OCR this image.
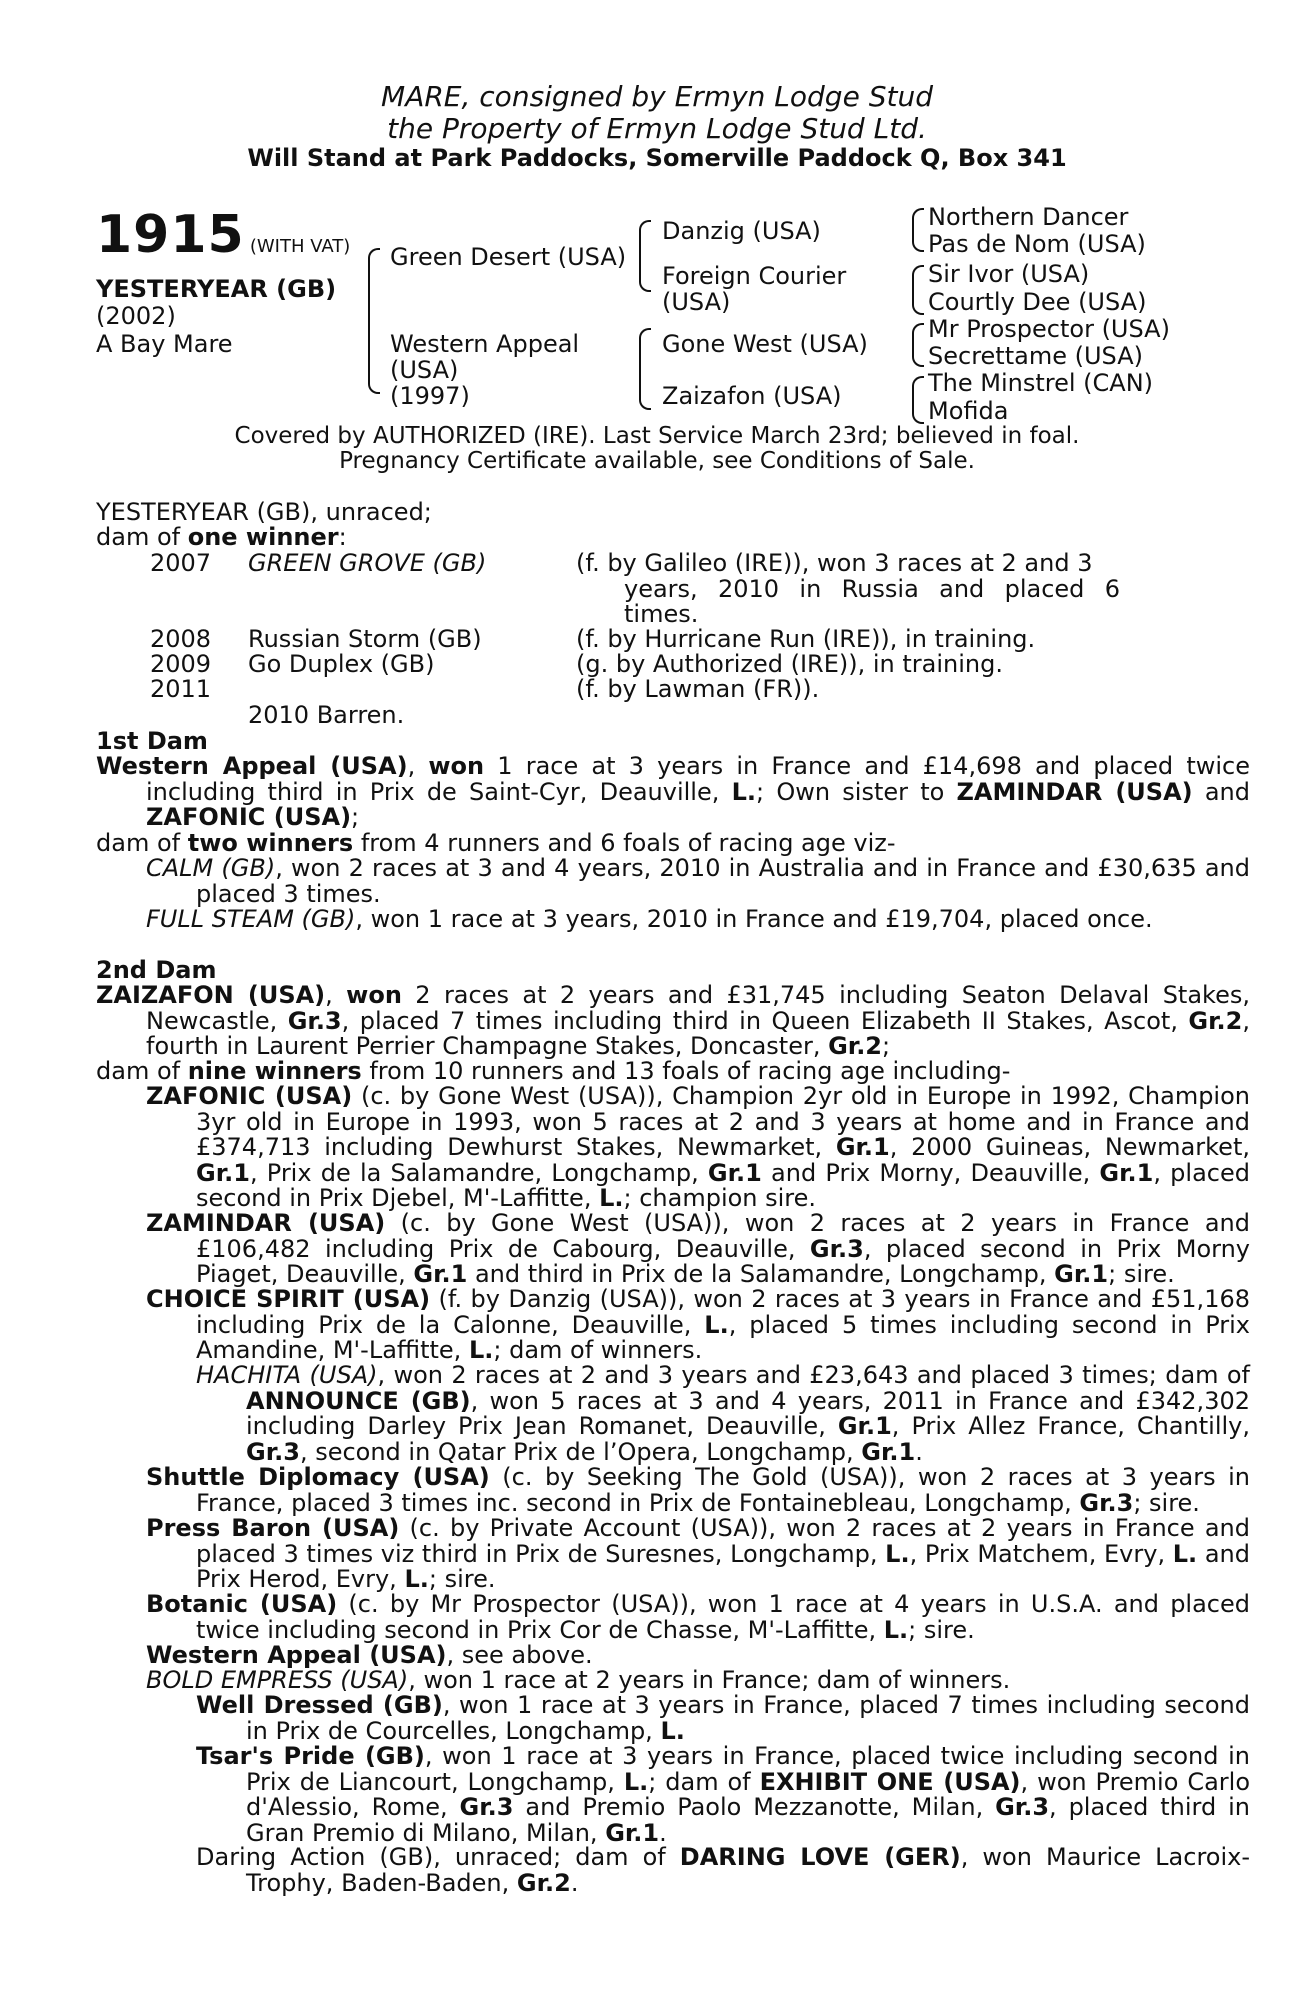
MARE, consigned by Ermyn Lodge Stud
the Property of Ermyn Lodge Stud Ltd.
Will Stand at Park Paddocks, Somerville Paddock Q, Box 341
1915 (WITH VAT)
YESTERYEAR (GB)
(2002)
A Bay Mare
Green Desert (USA)
Western Appeal
(USA)
(1997)
Danzig (USA)
Foreign Courier
(USA)
Gone West (USA)
Zaizafon (USA)
Northern Dancer
Pas de Nom (USA)
Sir Ivor (USA)
Courtly Dee (USA)
Mr Prospector (USA)
Secrettame (USA)
The Minstrel (CAN)
Mofida
Covered by AUTHORIZED (IRE). Last Service March 23rd; believed in foal.
Pregnancy Certificate available, see Conditions of Sale.
YESTERYEAR (GB), unraced;
dam of one winner:
2007 GREEN GROVE (GB)	(f. by Galileo (IRE)), won 3 races at 2 and 3
years, 2010 in Russia and placed 6
times.
2008 Russian Storm (GB)	(f. by Hurricane Run (IRE)), in training.
2009 Go Duplex (GB)	(g. by Authorized (IRE)), in training.
2011	(f. by Lawman (FR)).
2010 Barren.
1st Dam
Western Appeal (USA), won 1 race at 3 years in France and £14,698 and placed twice including third in Prix de Saint-Cyr, Deauville, L.; Own sister to ZAMINDAR (USA) and ZAFONIC (USA);
dam of two winners from 4 runners and 6 foals of racing age viz-
CALM (GB), won 2 races at 3 and 4 years, 2010 in Australia and in France and £30,635 and placed 3 times.
FULL STEAM (GB), won 1 race at 3 years, 2010 in France and £19,704, placed once.
2nd Dam
ZAIZAFON (USA), won 2 races at 2 years and £31,745 including Seaton Delaval Stakes, Newcastle, Gr.3, placed 7 times including third in Queen Elizabeth II Stakes, Ascot, Gr.2, fourth in Laurent Perrier Champagne Stakes, Doncaster, Gr.2;
dam of nine winners from 10 runners and 13 foals of racing age including-
ZAFONIC (USA) (c. by Gone West (USA)), Champion 2yr old in Europe in 1992, Champion 3yr old in Europe in 1993, won 5 races at 2 and 3 years at home and in France and £374,713 including Dewhurst Stakes, Newmarket, Gr.1, 2000 Guineas, Newmarket, Gr.1, Prix de la Salamandre, Longchamp, Gr.1 and Prix Morny, Deauville, Gr.1, placed second in Prix Djebel, M'-Laffitte, L.; champion sire.
ZAMINDAR (USA) (c. by Gone West (USA)), won 2 races at 2 years in France and £106,482 including Prix de Cabourg, Deauville, Gr.3, placed second in Prix Morny Piaget, Deauville, Gr.1 and third in Prix de la Salamandre, Longchamp, Gr.1; sire.
CHOICE SPIRIT (USA) (f. by Danzig (USA)), won 2 races at 3 years in France and £51,168 including Prix de la Calonne, Deauville, L., placed 5 times including second in Prix Amandine, M'-Laffitte, L.; dam of winners.
HACHITA (USA), won 2 races at 2 and 3 years and £23,643 and placed 3 times; dam of ANNOUNCE (GB), won 5 races at 3 and 4 years, 2011 in France and £342,302 including Darley Prix Jean Romanet, Deauville, Gr.1, Prix Allez France, Chantilly, Gr.3, second in Qatar Prix de l’Opera, Longchamp, Gr.1.
Shuttle Diplomacy (USA) (c. by Seeking The Gold (USA)), won 2 races at 3 years in France, placed 3 times inc. second in Prix de Fontainebleau, Longchamp, Gr.3; sire.
Press Baron (USA) (c. by Private Account (USA)), won 2 races at 2 years in France and placed 3 times viz third in Prix de Suresnes, Longchamp, L., Prix Matchem, Evry, L. and Prix Herod, Evry, L.; sire.
Botanic (USA) (c. by Mr Prospector (USA)), won 1 race at 4 years in U.S.A. and placed twice including second in Prix Cor de Chasse, M'-Laffitte, L.; sire.
Western Appeal (USA), see above.
BOLD EMPRESS (USA), won 1 race at 2 years in France; dam of winners.
Well Dressed (GB), won 1 race at 3 years in France, placed 7 times including second in Prix de Courcelles, Longchamp, L.
Tsar's Pride (GB), won 1 race at 3 years in France, placed twice including second in Prix de Liancourt, Longchamp, L.; dam of EXHIBIT ONE (USA), won Premio Carlo d'Alessio, Rome, Gr.3 and Premio Paolo Mezzanotte, Milan, Gr.3, placed third in Gran Premio di Milano, Milan, Gr.1.
Daring Action (GB), unraced; dam of DARING LOVE (GER), won Maurice Lacroix-Trophy, Baden-Baden, Gr.2.
